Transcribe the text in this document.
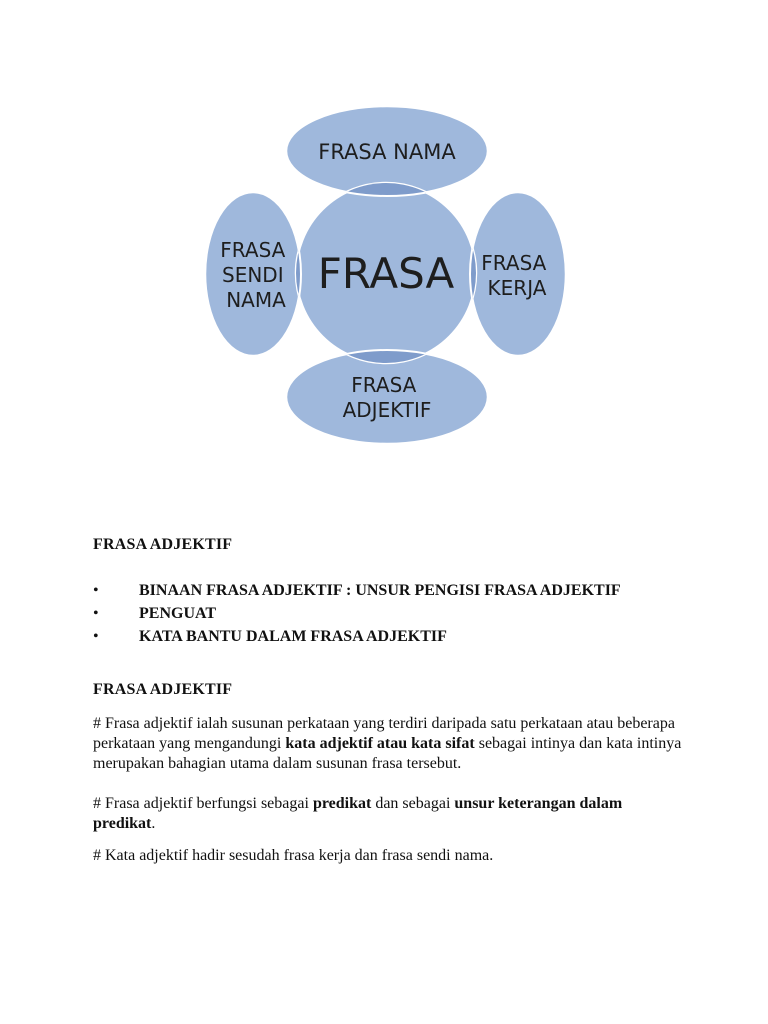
FRASA NAMA
FRASA
FRASA SENDI NAMA
FRASA KERJA
FRASA ADJEKTIF

FRASA ADJEKTIF

•	BINAAN FRASA ADJEKTIF : UNSUR PENGISI FRASA ADJEKTIF
•	PENGUAT
•	KATA BANTU DALAM FRASA ADJEKTIF

FRASA ADJEKTIF

# Frasa adjektif ialah susunan perkataan yang terdiri daripada satu perkataan atau beberapa perkataan yang mengandungi kata adjektif atau kata sifat sebagai intinya dan kata intinya merupakan bahagian utama dalam susunan frasa tersebut.

# Frasa adjektif berfungsi sebagai predikat dan sebagai unsur keterangan dalam predikat.

# Kata adjektif hadir sesudah frasa kerja dan frasa sendi nama.
